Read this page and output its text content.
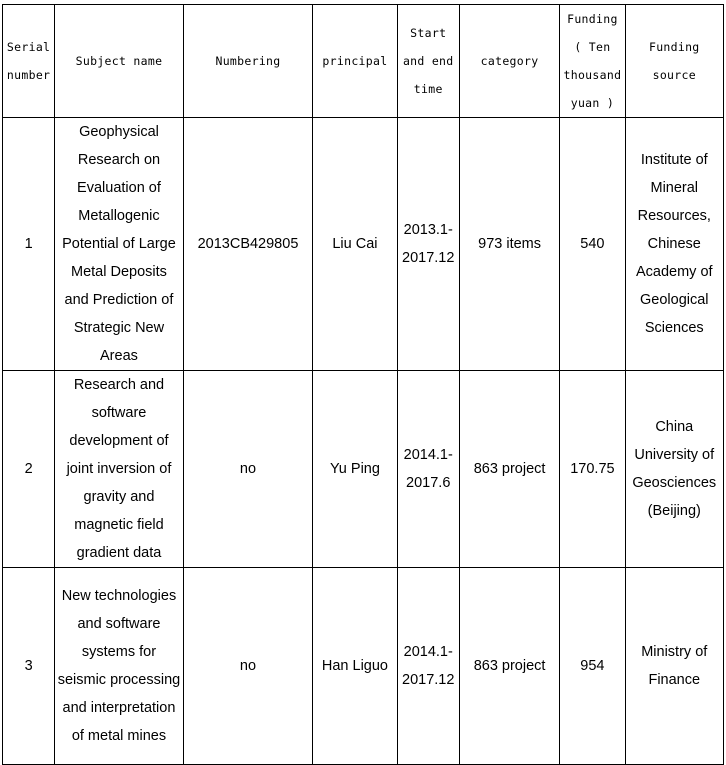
Serial number	Subject name	Numbering	principal	Start and end time	category	Funding ( Ten thousand yuan )	Funding source
1	Geophysical Research on Evaluation of Metallogenic Potential of Large Metal Deposits and Prediction of Strategic New Areas	2013CB429805	Liu Cai	2013.1-2017.12	973 items	540	Institute of Mineral Resources, Chinese Academy of Geological Sciences
2	Research and software development of joint inversion of gravity and magnetic field gradient data	no	Yu Ping	2014.1-2017.6	863 project	170.75	China University of Geosciences (Beijing)
3	New technologies and software systems for seismic processing and interpretation of metal mines	no	Han Liguo	2014.1-2017.12	863 project	954	Ministry of Finance
